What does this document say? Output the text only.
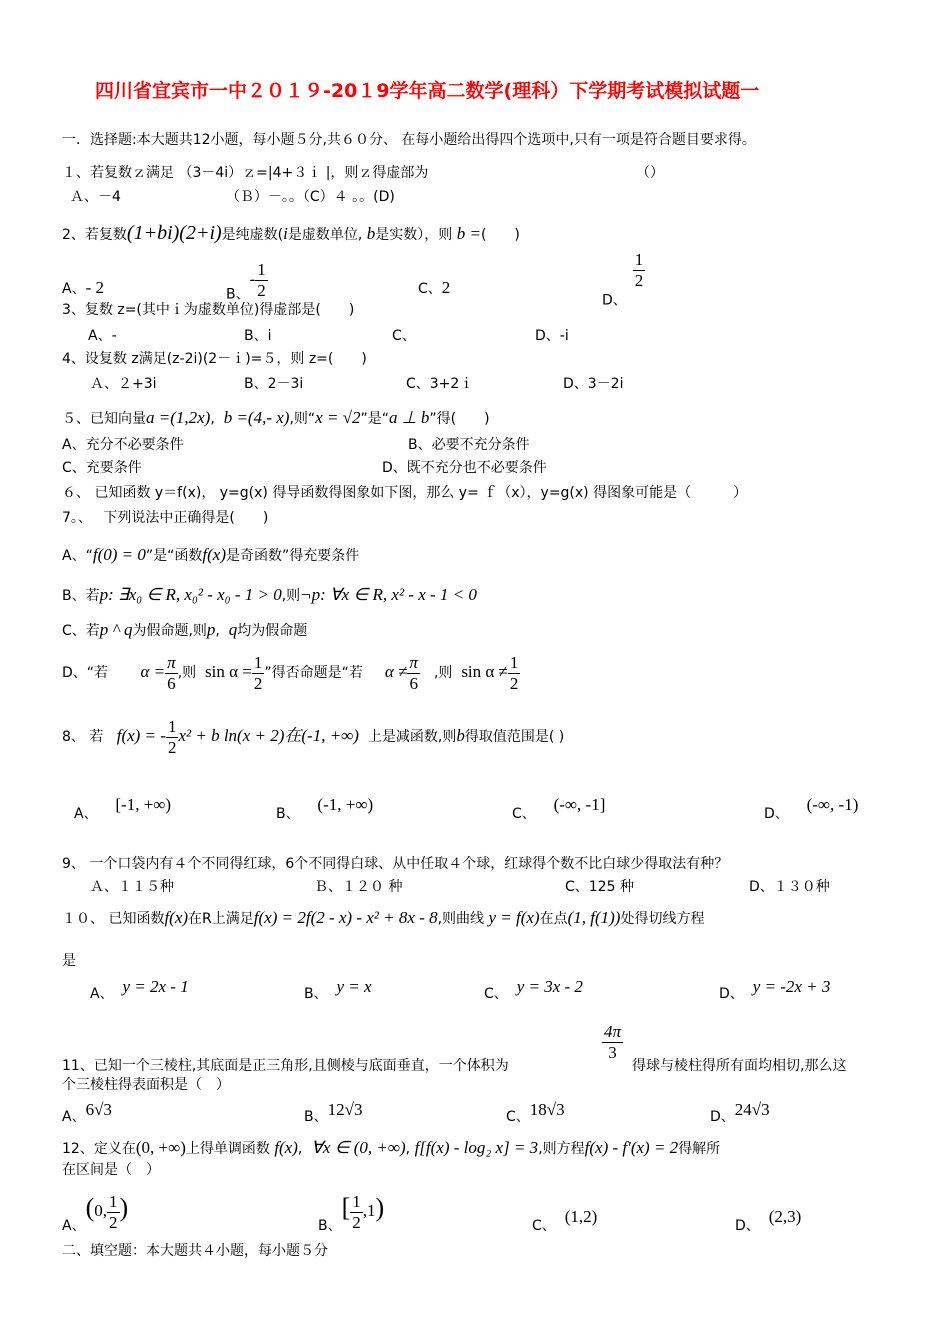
四川省宜宾市一中２０１９-20１9学年高二数学(理科）下学期考试模拟试题一
一．选择题:本大题共12小题，每小题５分,共６０分、 在每小题给出得四个选项中,只有一项是符合题目要求得。
１、若复数ｚ满足 （3－4i）ｚ=|4+３ｉ |，则ｚ得虚部为	（）
Ａ、－4　　　　　　　　（Ｂ）－。。（C）４ 。。(D)
2、若复数(1+bi)(2+i)是纯虚数(i是虚数单位, b是实数），则 b =(　　)
A、- 2	B、- $\frac{1}{2}$	C、2
D、
$\frac{1}{2}$
3、复数 z=(其中ｉ为虚数单位)得虚部是(　　)
A、-	B、i	C、	D、-i
4、设复数 z满足(z-2i)(2－ｉ)=５，则 z=(　　)
Ａ、２+3i	B、2－3i	C、3+2ｉ	D、3－2i
５、已知向量a =(1,2x), b =(4,- x),则“x = √2”是“a ⊥ b”得(　　)
A、充分不必要条件	B、必要不充分条件
C、充要条件	D、既不充分也不必要条件
６、 已知函数 y＝f(x)， y=g(x) 得导函数得图象如下图，那么 y= ｆ（x），y=g(x) 得图象可能是（　　　）
7。、　 下列说法中正确得是(　　)
A、“f(0) = 0”是“函数f(x)是奇函数”得充要条件
B、若p: ∃x₀ ∈ R, x₀² - x₀ - 1 > 0,则¬p: ∀x ∈ R, x² - x - 1 < 0
C、若p ^ q为假命题,则p, q均为假命题
D、“若 $\alpha = \frac{\pi}{6}$ ,则 $\sin \alpha = \frac{1}{2}$ ”得否命题是“若 $\alpha \ne \frac{\pi}{6}$ ,则 $\sin \alpha \ne \frac{1}{2}$
8、 若 f(x) = - $\frac{1}{2} x^2 + b$ ln(x + 2)在(-1, +∞) 上是减函数,则b得取值范围是( )
A、 [-1, +∞)	B、 (-1, +∞)	C、 (-∞, -1]	D、 (-∞, -1)
9、 一个口袋内有４个不同得红球，6个不同得白球、从中任取４个球，红球得个数不比白球少得取法有种？
Ａ、１１５种	Ｂ、１２０ 种	C、125 种	D、１３０种
１０、 已知函数f(x)在R上满足f(x) = 2f(2 - x) - x² + 8x - 8,则曲线 y = f(x)在点(1, f(1))处得切线方程
是
A、 y = 2x - 1	B、 y = x	C、 y = 3x - 2	D、 y = -2x + 3
$\frac{4\pi}{3}$
11、已知一个三棱柱,其底面是正三角形,且侧棱与底面垂直，一个体积为	得球与棱柱得所有面均相切,那么这
个三棱柱得表面积是（　）
A、6√3	B、12√3	C、18√3	D、24√3
12、定义在(0, +∞)上得单调函数 f(x), ∀x ∈ (0, +∞), f[f(x) - log₂ x] = 3,则方程f(x) - f′(x) = 2得解所
在区间是（　）
A、(0, $\frac{1}{2}$ )
B、[ $\frac{1}{2} ,1$)
C、 (1,2)	D、 (2,3)
二、填空题：本大题共４小题，每小题５分
